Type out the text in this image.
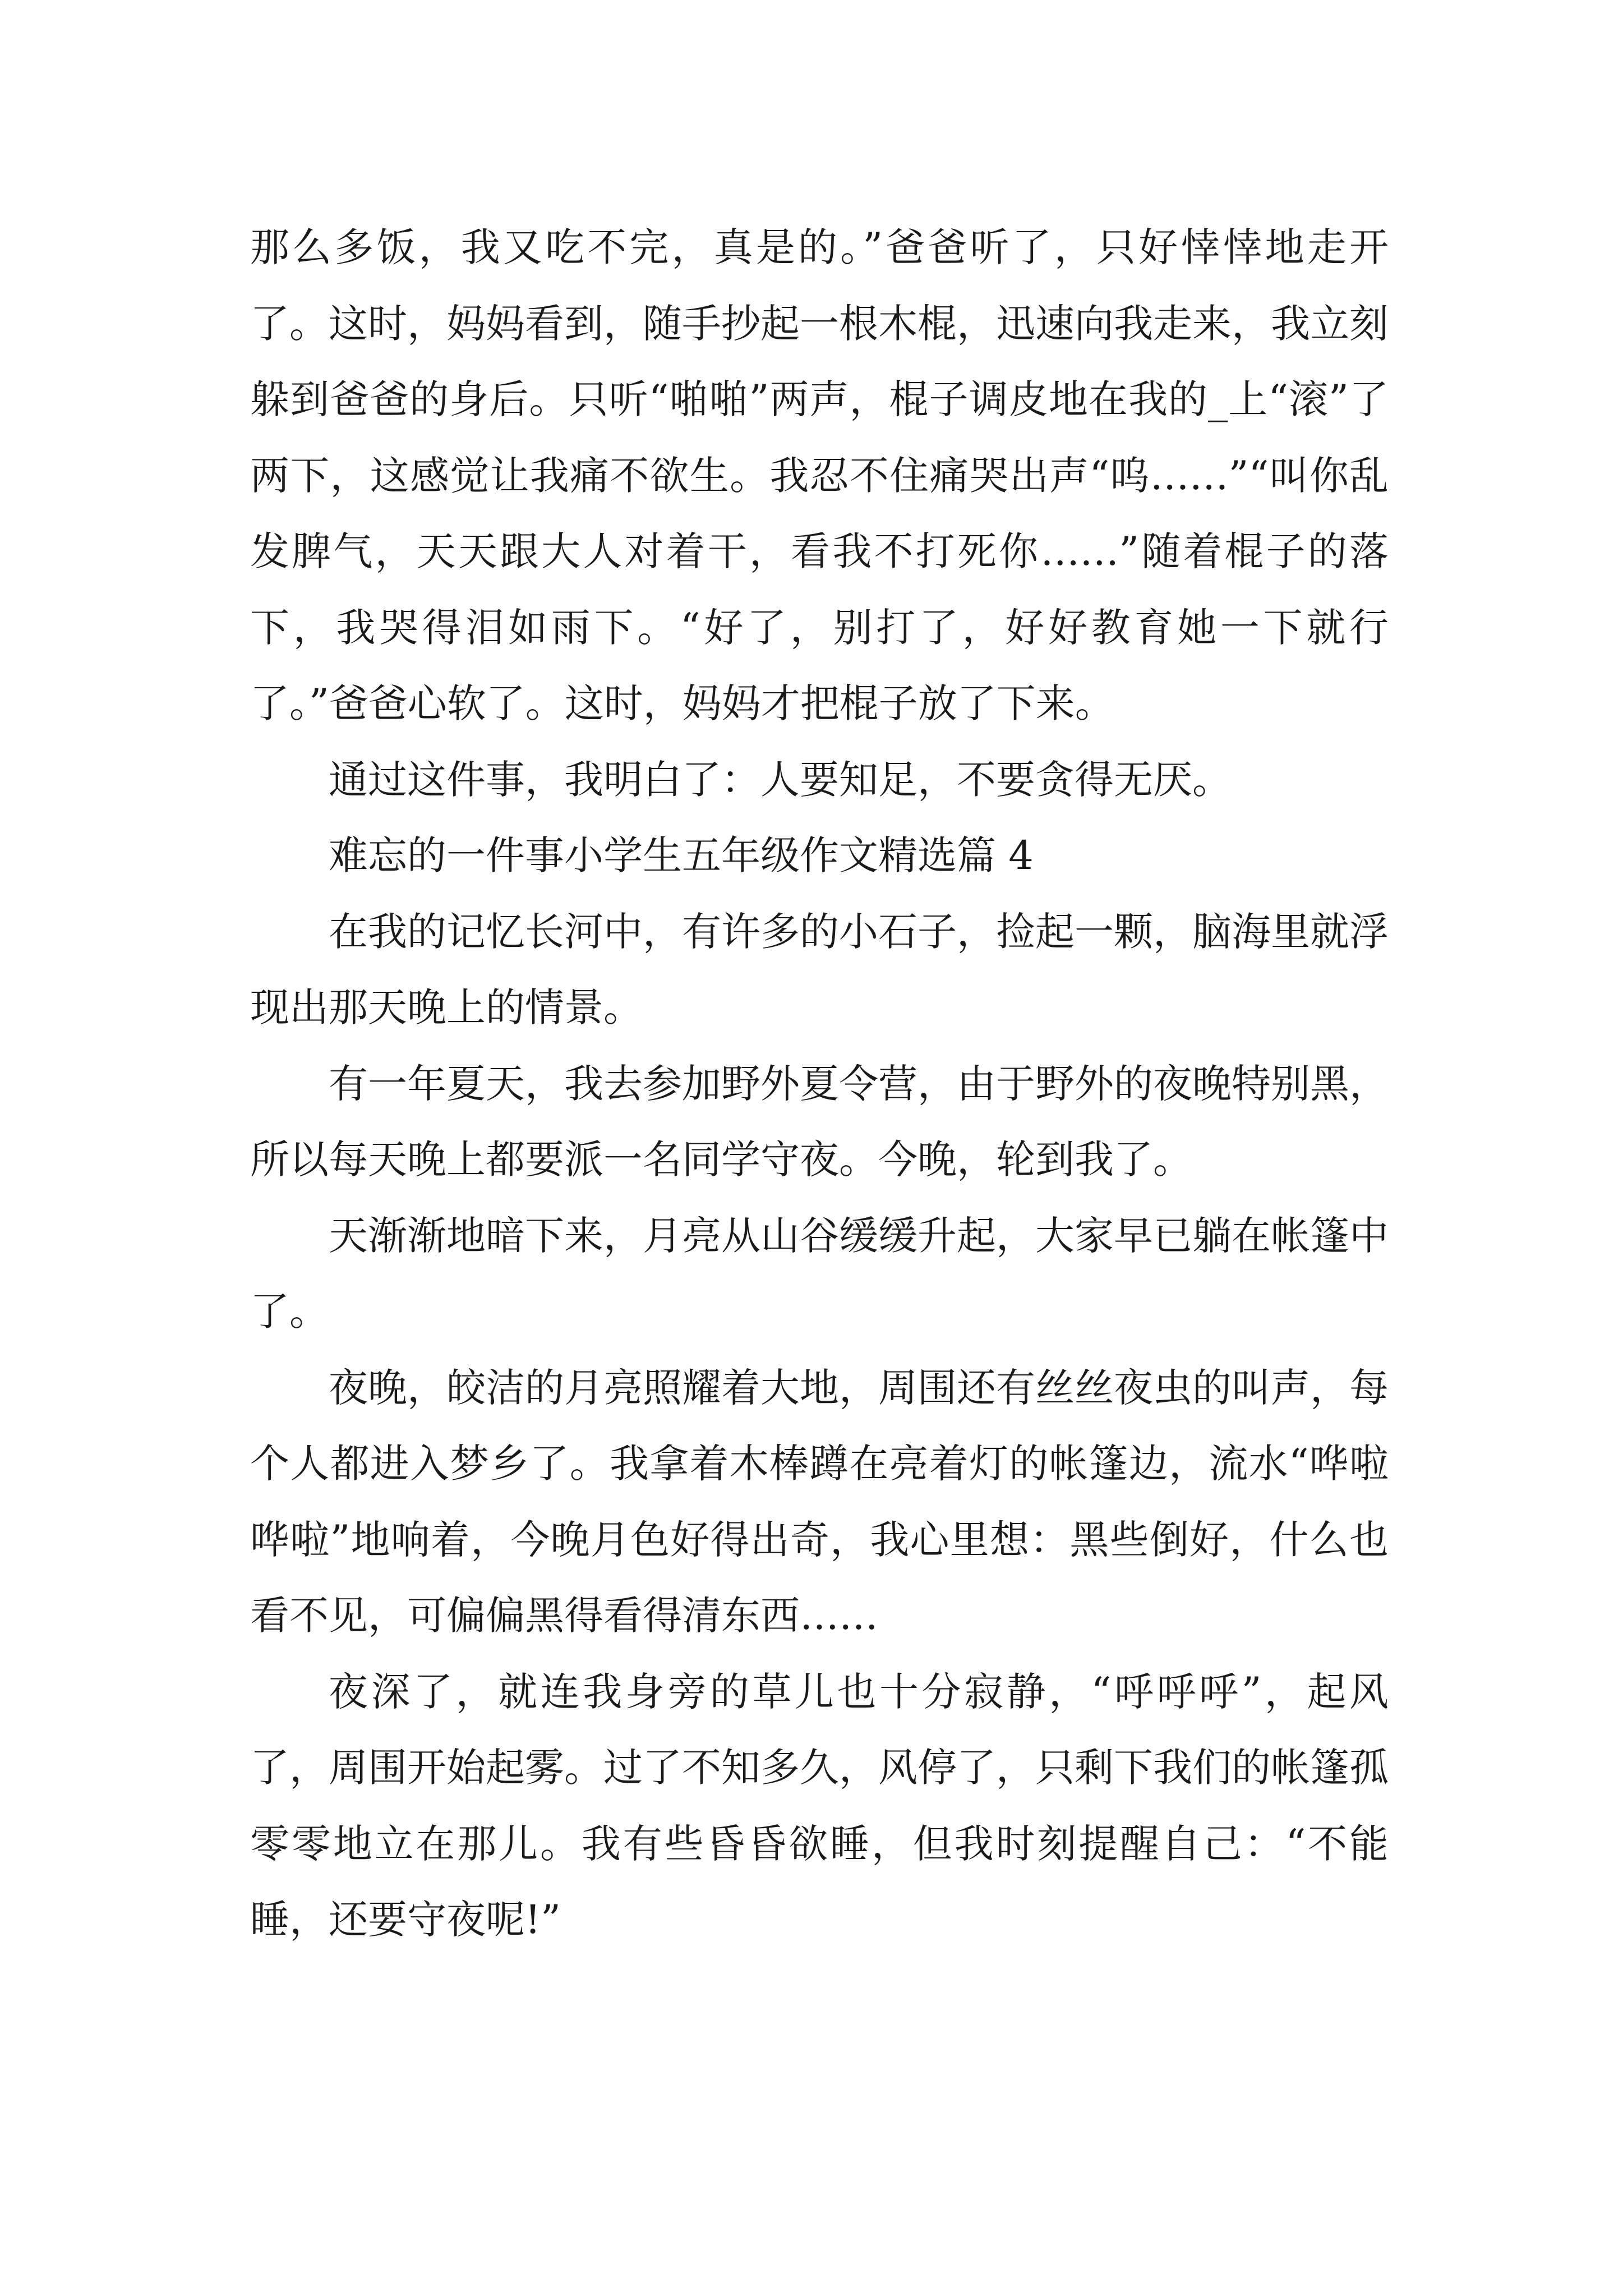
那么多饭，我又吃不完，真是的。”爸爸听了，只好悻悻地走开了。这时，妈妈看到，随手抄起一根木棍，迅速向我走来，我立刻躲到爸爸的身后。只听“啪啪”两声，棍子调皮地在我的_上“滚”了两下，这感觉让我痛不欲生。我忍不住痛哭出声“呜……”“叫你乱发脾气，天天跟大人对着干，看我不打死你……”随着棍子的落下，我哭得泪如雨下。“好了，别打了，好好教育她一下就行了。”爸爸心软了。这时，妈妈才把棍子放了下来。

通过这件事，我明白了：人要知足，不要贪得无厌。

难忘的一件事小学生五年级作文精选篇 4

在我的记忆长河中，有许多的小石子，捡起一颗，脑海里就浮现出那天晚上的情景。

有一年夏天，我去参加野外夏令营，由于野外的夜晚特别黑，所以每天晚上都要派一名同学守夜。今晚，轮到我了。

天渐渐地暗下来，月亮从山谷缓缓升起，大家早已躺在帐篷中了。

夜晚，皎洁的月亮照耀着大地，周围还有丝丝夜虫的叫声，每个人都进入梦乡了。我拿着木棒蹲在亮着灯的帐篷边，流水“哗啦哗啦”地响着，今晚月色好得出奇，我心里想：黑些倒好，什么也看不见，可偏偏黑得看得清东西……

夜深了，就连我身旁的草儿也十分寂静，“呼呼呼”，起风了，周围开始起雾。过了不知多久，风停了，只剩下我们的帐篷孤零零地立在那儿。我有些昏昏欲睡，但我时刻提醒自己：“不能睡，还要守夜呢!”
